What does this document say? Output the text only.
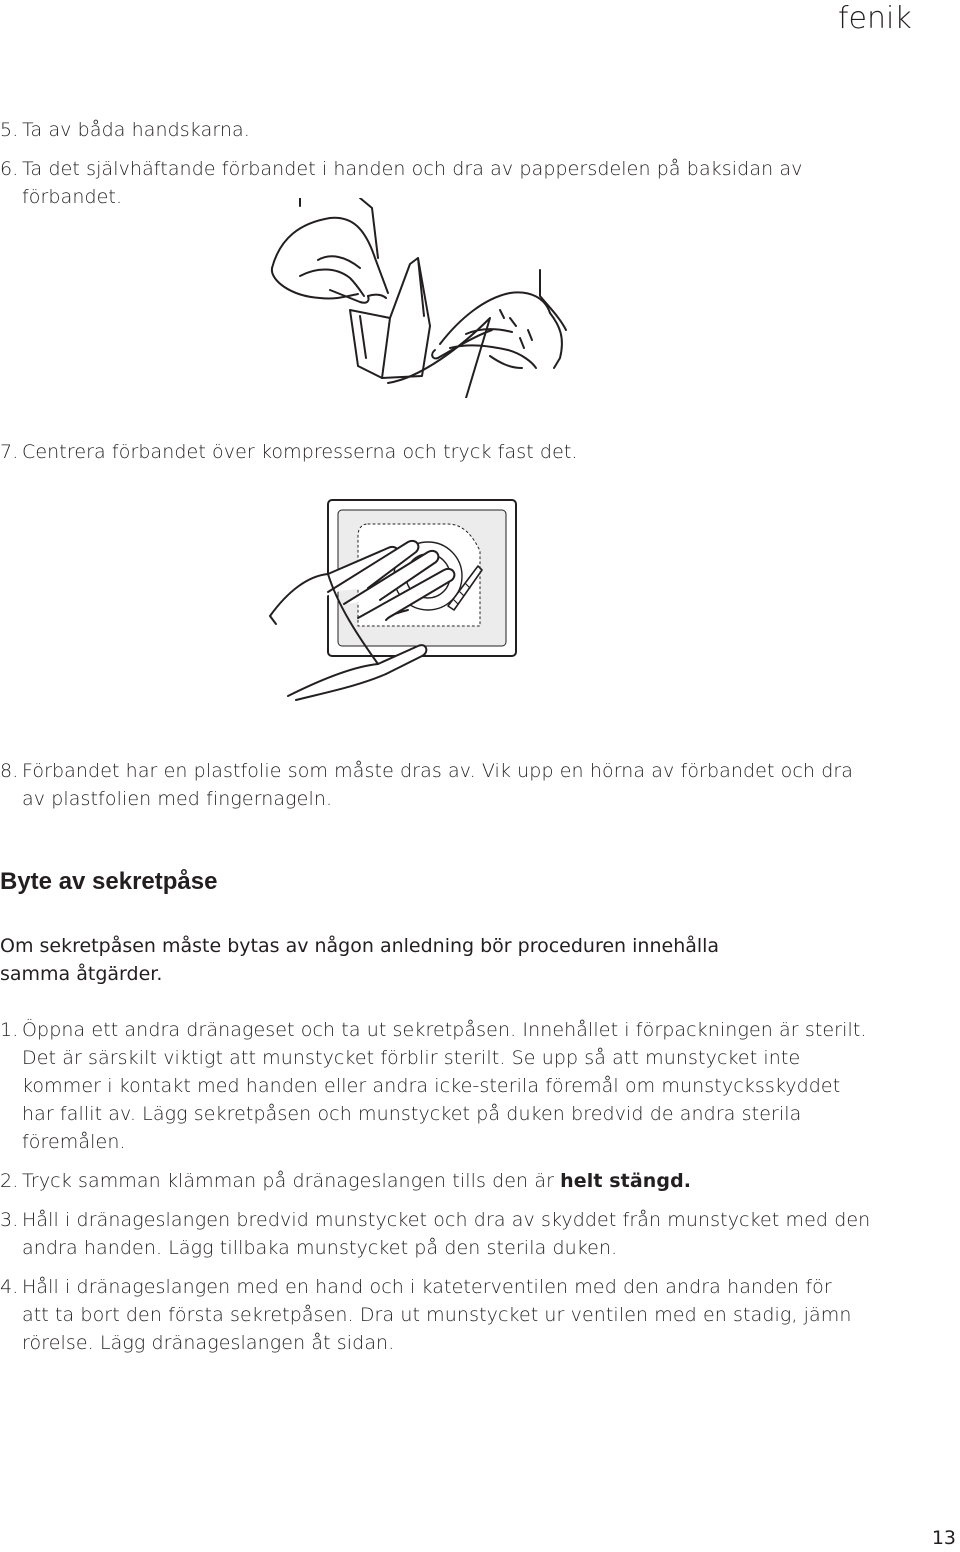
fenik
5. Ta av båda handskarna.
6. Ta det självhäftande förbandet i handen och dra av pappersdelen på baksidan av
förbandet.
7. Centrera förbandet över kompresserna och tryck fast det.
8. Förbandet har en plastfolie som måste dras av. Vik upp en hörna av förbandet och dra
av plastfolien med fingernageln.
Byte av sekretpåse
Om sekretpåsen måste bytas av någon anledning bör proceduren innehålla
samma åtgärder.
1. Öppna ett andra dränageset och ta ut sekretpåsen. Innehållet i förpackningen är sterilt.
Det är särskilt viktigt att munstycket förblir sterilt. Se upp så att munstycket inte
kommer i kontakt med handen eller andra icke-sterila föremål om munstycksskyddet
har fallit av. Lägg sekretpåsen och munstycket på duken bredvid de andra sterila
föremålen.
2. Tryck samman klämman på dränageslangen tills den är helt stängd.
3. Håll i dränageslangen bredvid munstycket och dra av skyddet från munstycket med den
andra handen. Lägg tillbaka munstycket på den sterila duken.
4. Håll i dränageslangen med en hand och i kateterventilen med den andra handen för
att ta bort den första sekretpåsen. Dra ut munstycket ur ventilen med en stadig, jämn
rörelse. Lägg dränageslangen åt sidan.
13
